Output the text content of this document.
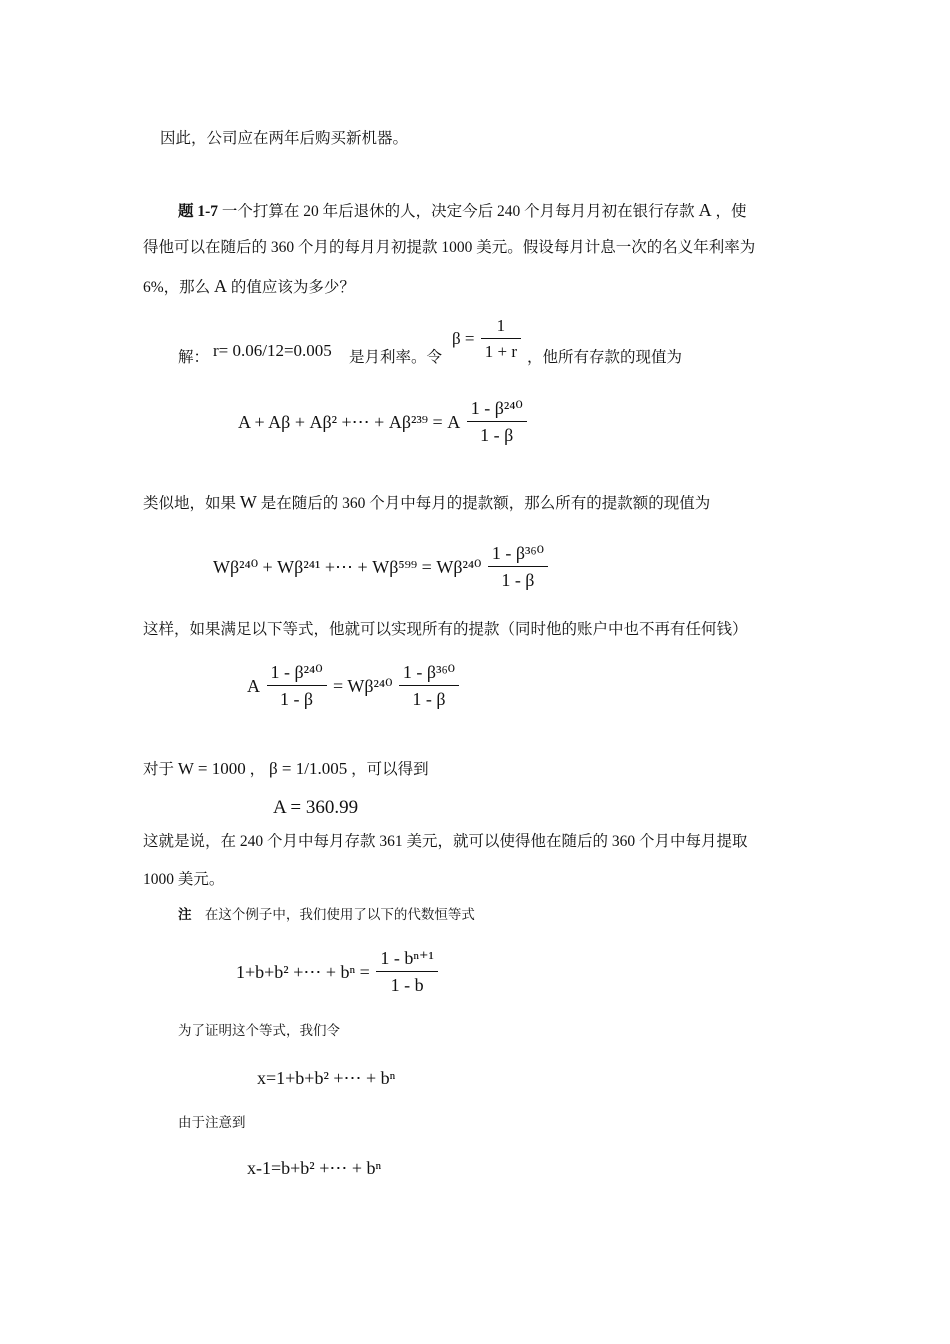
因此，公司应在两年后购买新机器。
题 1-7 一个打算在 20 年后退休的人，决定今后 240 个月每月月初在银行存款 A ，使
得他可以在随后的 360 个月的每月月初提款 1000 美元。假设每月计息一次的名义年利率为
6%，那么 A 的值应该为多少？
解： r= 0.06/12=0.005 是月利率。令
$\beta = \frac{1}{1 + r}$ ，他所有存款的现值为
A + Aβ + Aβ² +⋯ + Aβ²³⁹ = A $\frac{\text{1 - β²⁴⁰}}{1 - \beta}$
类似地，如果 W 是在随后的 360 个月中每月的提款额，那么所有的提款额的现值为
Wβ²⁴⁰ + Wβ²⁴¹ +⋯ + $W\beta^{599} = W\beta^{240} \frac{\text{1 - β³⁶⁰}}{1 - \beta}$
这样，如果满足以下等式，他就可以实现所有的提款（同时他的账户中也不再有任何钱）
A $\frac{\text{1 - β²⁴⁰}}{1 - \beta} = W\beta^{240} \frac{\text{1 - β³⁶⁰}}{1 - \beta}$
对于 W = 1000 ， β = 1/1.005 ，可以得到
A = 360.99
这就是说，在 240 个月中每月存款 361 美元，就可以使得他在随后的 360 个月中每月提取
1000 美元。
注 在这个例子中，我们使用了以下的代数恒等式
1+b+b² +⋯ + $b^n = \frac{\text{1 - bⁿ⁺¹}}{1 - b}$
为了证明这个等式，我们令
x=1+b+b² +⋯ + bⁿ
由于注意到
x-1=b+b² +⋯ + bⁿ
